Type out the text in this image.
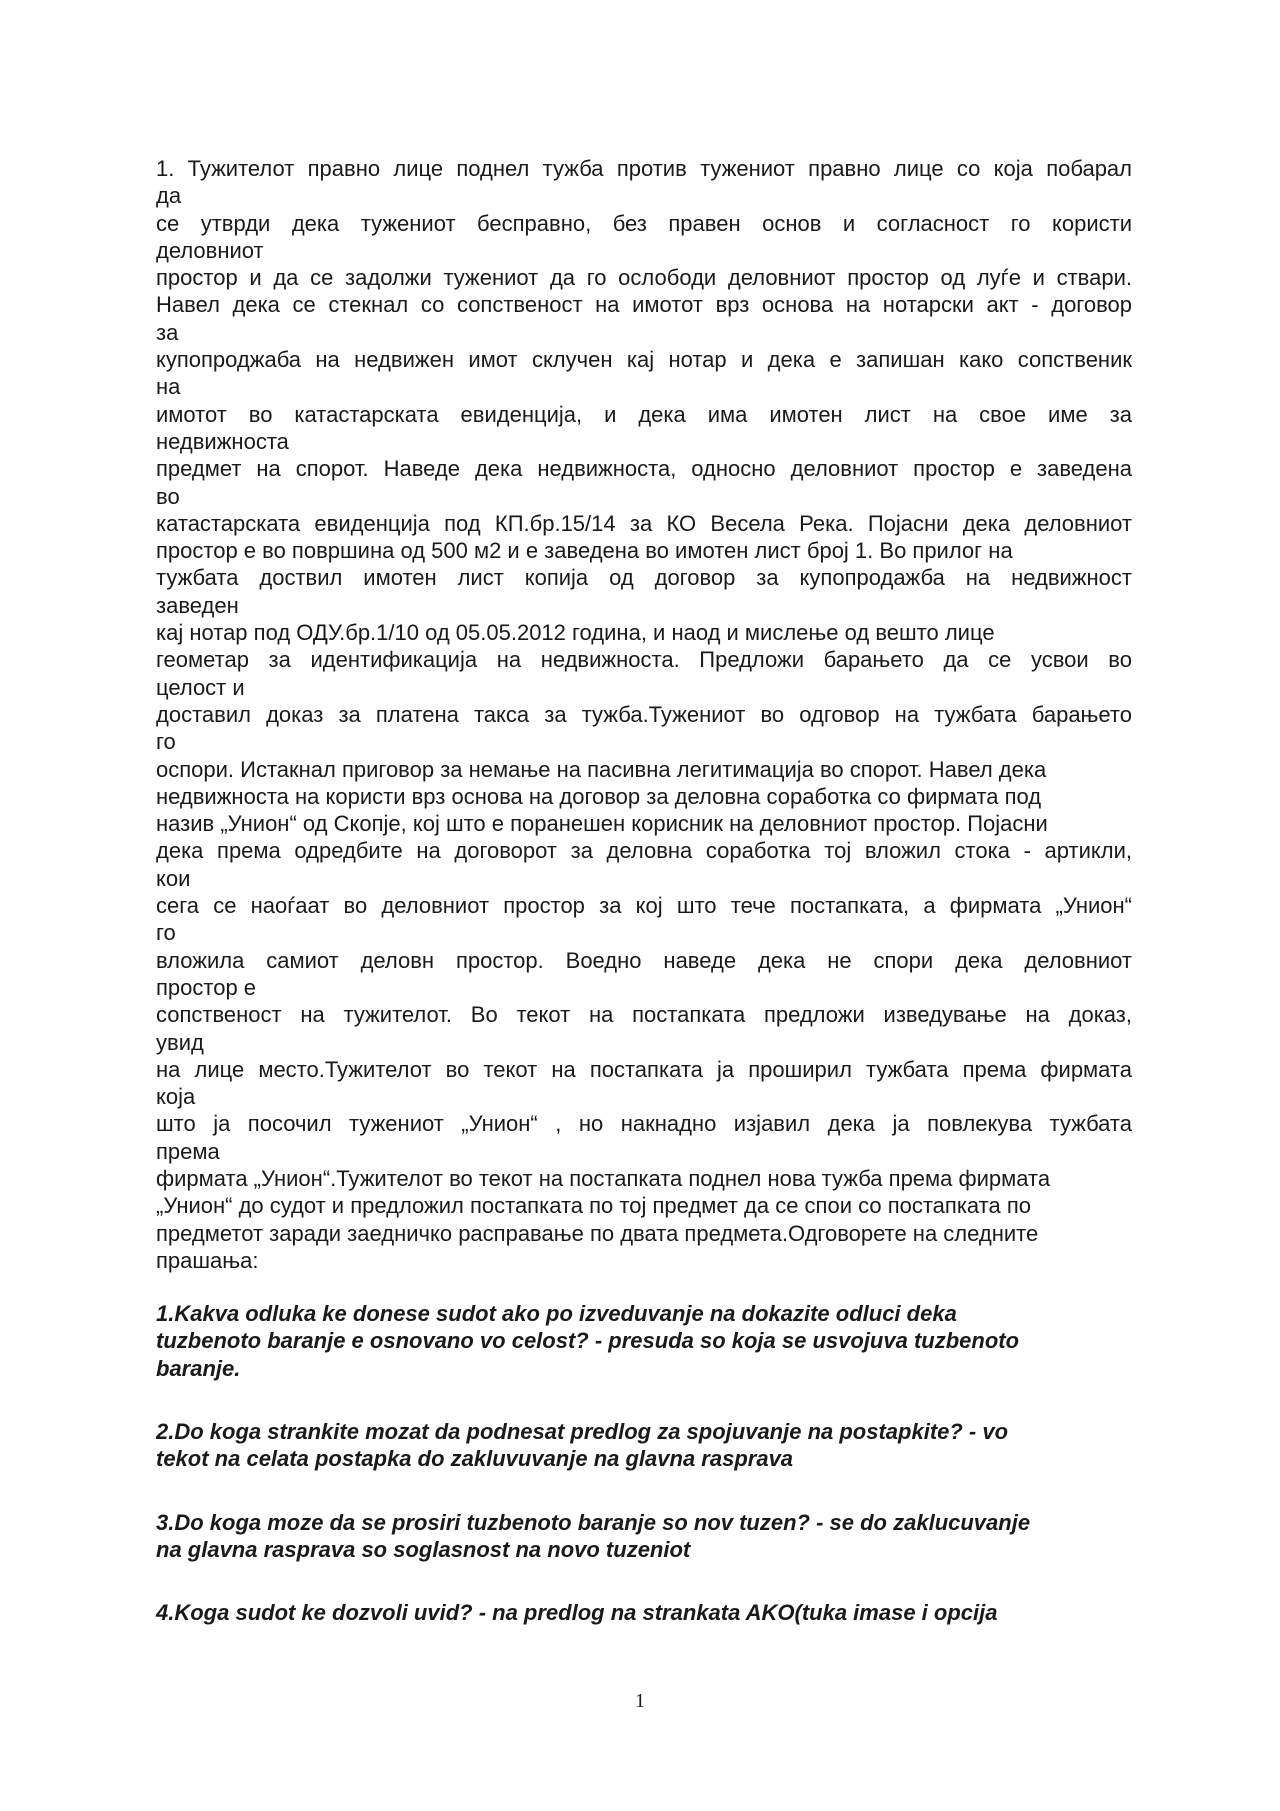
1. Тужителот правно лице поднел тужба против тужениот правно лице со која побарал
да
се утврди дека тужениот бесправно, без правен основ и согласност го користи
деловниот
простор и да се задолжи тужениот да го ослободи деловниот простор од луѓе и ствари.
Навел дека се стекнал со сопственост на имотот врз основа на нотарски акт - договор
за
купопроджаба на недвижен имот склучен кај нотар и дека е запишан како сопственик
на
имотот во катастарската евиденција, и дека има имотен лист на свое име за
недвижноста
предмет на спорот. Наведе дека недвижноста, односно деловниот простор е заведена
во
катастарската евиденција под КП.бр.15/14 за КО Весела Река. Појасни дека деловниот
простор е во површина од 500 м2 и е заведена во имотен лист број 1. Во прилог на
тужбата доствил имотен лист копија од договор за купопродажба на недвижност
заведен
кај нотар под ОДУ.бр.1/10 од 05.05.2012 година, и наод и мислење од вешто лице
геометар за идентификација на недвижноста. Предложи барањето да се усвои во
целост и
доставил доказ за платена такса за тужба.Тужениот во одговор на тужбата барањето
го
оспори. Истакнал приговор за немање на пасивна легитимација во спорот. Навел дека
недвижноста на користи врз основа на договор за деловна соработка со фирмата под
назив „Унион“ од Скопје, кој што е поранешен корисник на деловниот простор. Појасни
дека према одредбите на договорот за деловна соработка тој вложил стока - артикли,
кои
сега се наоѓаат во деловниот простор за кој што тече постапката, а фирмата „Унион“
го
вложила самиот деловн простор. Воедно наведе дека не спори дека деловниот
простор е
сопственост на тужителот. Во текот на постапката предложи изведување на доказ,
увид
на лице место.Тужителот во текот на постапката ја проширил тужбата према фирмата
која
што ја посочил тужениот „Унион“ , но накнадно изјавил дека ја повлекува тужбата
према
фирмата „Унион“.Тужителот во текот на постапката поднел нова тужба према фирмата
„Унион“ до судот и предложил постапката по тој предмет да се спои со постапката по
предметот заради заедничко расправање по двата предмета.Одговорете на следните
прашања:
1.Kakva odluka ke donese sudot ako po izveduvanje na dokazite odluci deka
tuzbenoto baranje e osnovano vo celost? - presuda so koja se usvojuva tuzbenoto
baranje.
2.Do koga strankite mozat da podnesat predlog za spojuvanje na postapkite? - vo
tekot na celata postapka do zakluvuvanje na glavna rasprava
3.Do koga moze da se prosiri tuzbenoto baranje so nov tuzen? - se do zaklucuvanje
na glavna rasprava so soglasnost na novo tuzeniot
4.Koga sudot ke dozvoli uvid? - na predlog na strankata AKO(tuka imase i opcija
1
